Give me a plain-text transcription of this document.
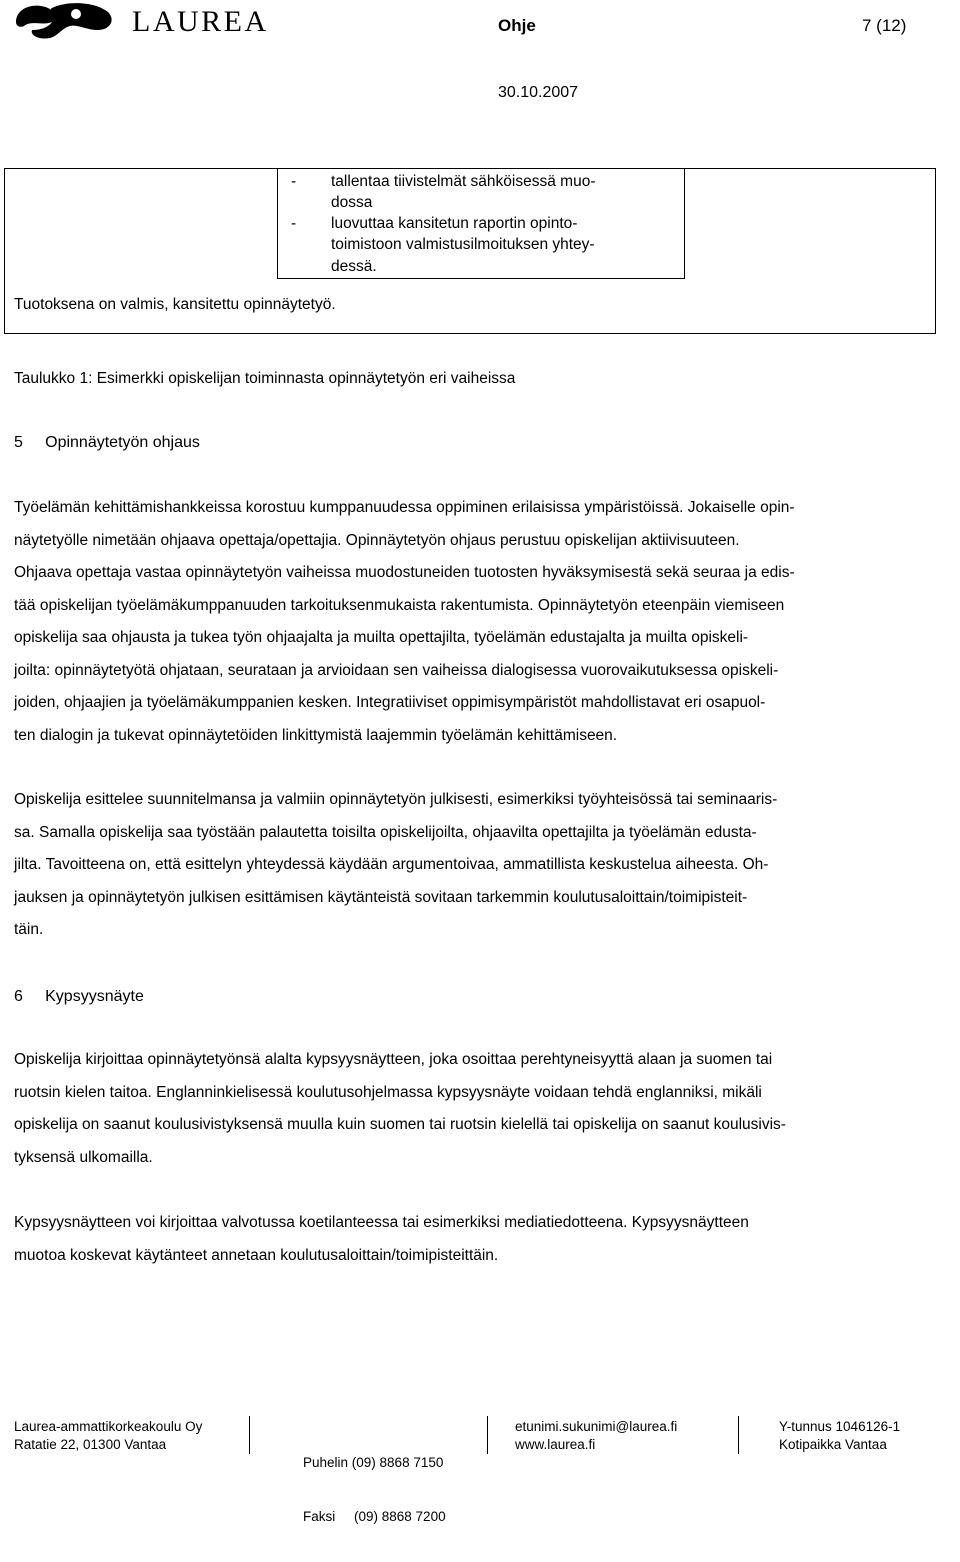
LAUREA	Ohje	7 (12)
30.10.2007
- tallentaa tiivistelmät sähköisessä muo-
dossa
- luovuttaa kansitetun raportin opinto-
toimistoon valmistusilmoituksen yhtey-
dessä.
Tuotoksena on valmis, kansitettu opinnäytetyö.
Taulukko 1: Esimerkki opiskelijan toiminnasta opinnäytetyön eri vaiheissa
5     Opinnäytetyön ohjaus
Työelämän kehittämishankkeissa korostuu kumppanuudessa oppiminen erilaisissa ympäristöissä. Jokaiselle opin-
näytetyölle nimetään ohjaava opettaja/opettajia. Opinnäytetyön ohjaus perustuu opiskelijan aktiivisuuteen.
Ohjaava opettaja vastaa opinnäytetyön vaiheissa muodostuneiden tuotosten hyväksymisestä sekä seuraa ja edis-
tää opiskelijan työelämäkumppanuuden tarkoituksenmukaista rakentumista. Opinnäytetyön eteenpäin viemiseen
opiskelija saa ohjausta ja tukea työn ohjaajalta ja muilta opettajilta, työelämän edustajalta ja muilta opiskeli-
joilta: opinnäytetyötä ohjataan, seurataan ja arvioidaan sen vaiheissa dialogisessa vuorovaikutuksessa opiskeli-
joiden, ohjaajien ja työelämäkumppanien kesken. Integratiiviset oppimisympäristöt mahdollistavat eri osapuol-
ten dialogin ja tukevat opinnäytetöiden linkittymistä laajemmin työelämän kehittämiseen.
Opiskelija esittelee suunnitelmansa ja valmiin opinnäytetyön julkisesti, esimerkiksi työyhteisössä tai seminaaris-
sa. Samalla opiskelija saa työstään palautetta toisilta opiskelijoilta, ohjaavilta opettajilta ja työelämän edusta-
jilta. Tavoitteena on, että esittelyn yhteydessä käydään argumentoivaa, ammatillista keskustelua aiheesta. Oh-
jauksen ja opinnäytetyön julkisen esittämisen käytänteistä sovitaan tarkemmin koulutusaloittain/toimipisteit-
täin.
6     Kypsyysnäyte
Opiskelija kirjoittaa opinnäytetyönsä alalta kypsyysnäytteen, joka osoittaa perehtyneisyyttä alaan ja suomen tai
ruotsin kielen taitoa. Englanninkielisessä koulutusohjelmassa kypsyysnäyte voidaan tehdä englanniksi, mikäli
opiskelija on saanut koulusivistyksensä muulla kuin suomen tai ruotsin kielellä tai opiskelija on saanut koulusivis-
tyksensä ulkomailla.
Kypsyysnäytteen voi kirjoittaa valvotussa koetilanteessa tai esimerkiksi mediatiedotteena. Kypsyysnäytteen
muotoa koskevat käytänteet annetaan koulutusaloittain/toimipisteittäin.
Laurea-ammattikorkeakoulu Oy
Ratatie 22, 01300 Vantaa

Puhelin (09) 8868 7150

Faksi     (09) 8868 7200

etunimi.sukunimi@laurea.fi
www.laurea.fi
Y-tunnus 1046126-1
Kotipaikka Vantaa
